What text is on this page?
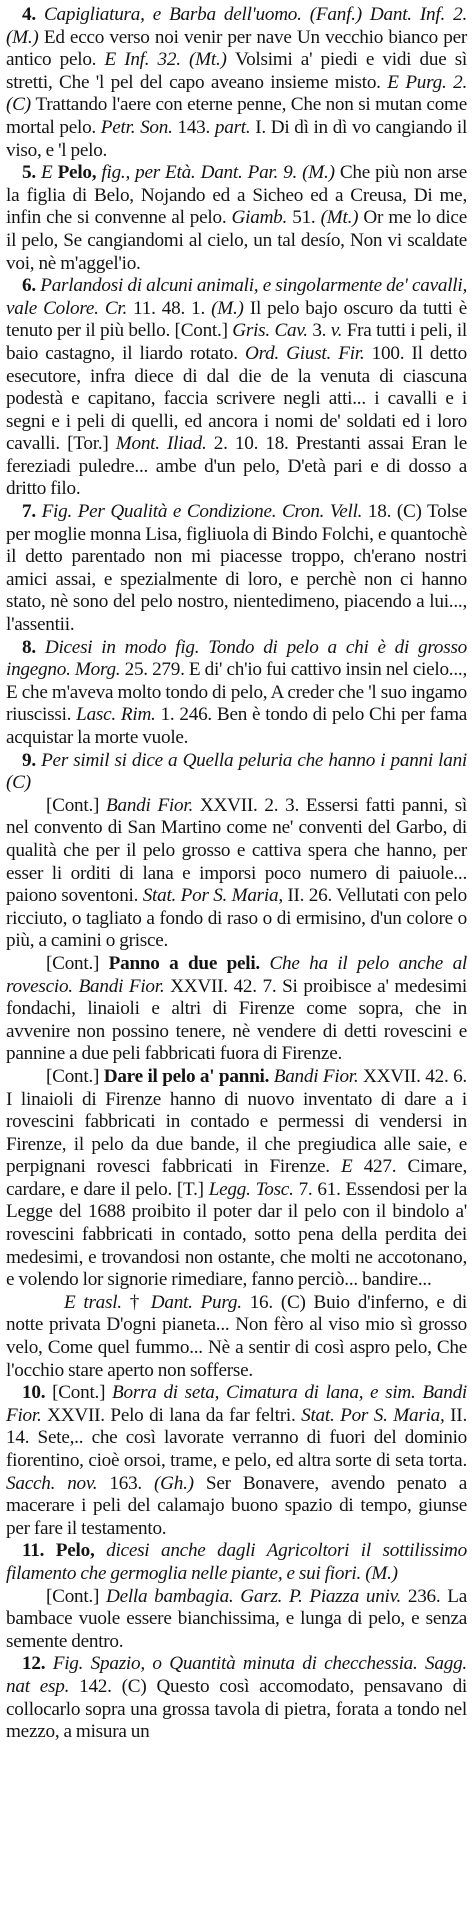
4. Capigliatura, e Barba dell'uomo. (Fanf.) Dant. Inf. 2. (M.) Ed ecco verso noi venir per nave Un vecchio bianco per antico pelo. E Inf. 32. (Mt.) Volsimi a' piedi e vidi due sì stretti, Che 'l pel del capo aveano insieme misto. E Purg. 2. (C) Trattando l'aere con eterne penne, Che non si mutan come mortal pelo. Petr. Son. 143. part. I. Di dì in dì vo cangiando il viso, e 'l pelo.

5. E Pelo, fig., per Età. Dant. Par. 9. (M.) Che più non arse la figlia di Belo, Nojando ed a Sicheo ed a Creusa, Di me, infin che si convenne al pelo. Giamb. 51. (Mt.) Or me lo dice il pelo, Se cangiandomi al cielo, un tal desío, Non vi scaldate voi, nè m'aggel'io.

6. Parlandosi di alcuni animali, e singolarmente de' cavalli, vale Colore. Cr. 11. 48. 1. (M.) Il pelo bajo oscuro da tutti è tenuto per il più bello. [Cont.] Gris. Cav. 3. v. Fra tutti i peli, il baio castagno, il liardo rotato. Ord. Giust. Fir. 100. Il detto esecutore, infra diece di dal die de la venuta di ciascuna podestà e capitano, faccia scrivere negli atti... i cavalli e i segni e i peli di quelli, ed ancora i nomi de' soldati ed i loro cavalli. [Tor.] Mont. Iliad. 2. 10. 18. Prestanti assai Eran le fereziadi puledre... ambe d'un pelo, D'età pari e di dosso a dritto filo.

7. Fig. Per Qualità e Condizione. Cron. Vell. 18. (C) Tolse per moglie monna Lisa, figliuola di Bindo Folchi, e quantochè il detto parentado non mi piacesse troppo, ch'erano nostri amici assai, e spezialmente di loro, e perchè non ci hanno stato, nè sono del pelo nostro, nientedimeno, piacendo a lui..., l'assentii.

8. Dicesi in modo fig. Tondo di pelo a chi è di grosso ingegno. Morg. 25. 279. E di' ch'io fui cattivo insin nel cielo..., E che m'aveva molto tondo di pelo, A creder che 'l suo ingamo riuscissi. Lasc. Rim. 1. 246. Ben è tondo di pelo Chi per fama acquistar la morte vuole.

9. Per simil si dice a Quella peluria che hanno i panni lani (C)

[Cont.] Bandi Fior. XXVII. 2. 3. Essersi fatti panni, sì nel convento di San Martino come ne' conventi del Garbo, di qualità che per il pelo grosso e cattiva spera che hanno, per esser li orditi di lana e imporsi poco numero di paiuole... paiono soventoni. Stat. Por S. Maria, II. 26. Vellutati con pelo ricciuto, o tagliato a fondo di raso o di ermisino, d'un colore o più, a camini o grisce.

[Cont.] Panno a due peli. Che ha il pelo anche al rovescio. Bandi Fior. XXVII. 42. 7. Si proibisce a' medesimi fondachi, linaioli e altri di Firenze come sopra, che in avvenire non possino tenere, nè vendere di detti rovescini e pannine a due peli fabbricati fuora di Firenze.

[Cont.] Dare il pelo a' panni. Bandi Fior. XXVII. 42. 6. I linaioli di Firenze hanno di nuovo inventato di dare a i rovescini fabbricati in contado e permessi di vendersi in Firenze, il pelo da due bande, il che pregiudica alle saie, e perpignani rovesci fabbricati in Firenze. E 427. Cimare, cardare, e dare il pelo. [T.] Legg. Tosc. 7. 61. Essendosi per la Legge del 1688 proibito il poter dar il pelo con il bindolo a' rovescini fabbricati in contado, sotto pena della perdita dei medesimi, e trovandosi non ostante, che molti ne accotonano, e volendo lor signorie rimediare, fanno perciò... bandire...

E trasl. † Dant. Purg. 16. (C) Buio d'inferno, e di notte privata D'ogni pianeta... Non fèro al viso mio sì grosso velo, Come quel fummo... Nè a sentir di così aspro pelo, Che l'occhio stare aperto non sofferse.

10. [Cont.] Borra di seta, Cimatura di lana, e sim. Bandi Fior. XXVII. Pelo di lana da far feltri. Stat. Por S. Maria, II. 14. Sete,.. che così lavorate verranno di fuori del dominio fiorentino, cioè orsoi, trame, e pelo, ed altra sorte di seta torta. Sacch. nov. 163. (Gh.) Ser Bonavere, avendo penato a macerare i peli del calamajo buono spazio di tempo, giunse per fare il testamento.

11. Pelo, dicesi anche dagli Agricoltori il sottilissimo filamento che germoglia nelle piante, e sui fiori. (M.)

[Cont.] Della bambagia. Garz. P. Piazza univ. 236. La bambace vuole essere bianchissima, e lunga di pelo, e senza semente dentro.

12. Fig. Spazio, o Quantità minuta di checchessia. Sagg. nat esp. 142. (C) Questo così accomodato, pensavano di collocarlo sopra una grossa tavola di pietra, forata a tondo nel mezzo, a misura un
